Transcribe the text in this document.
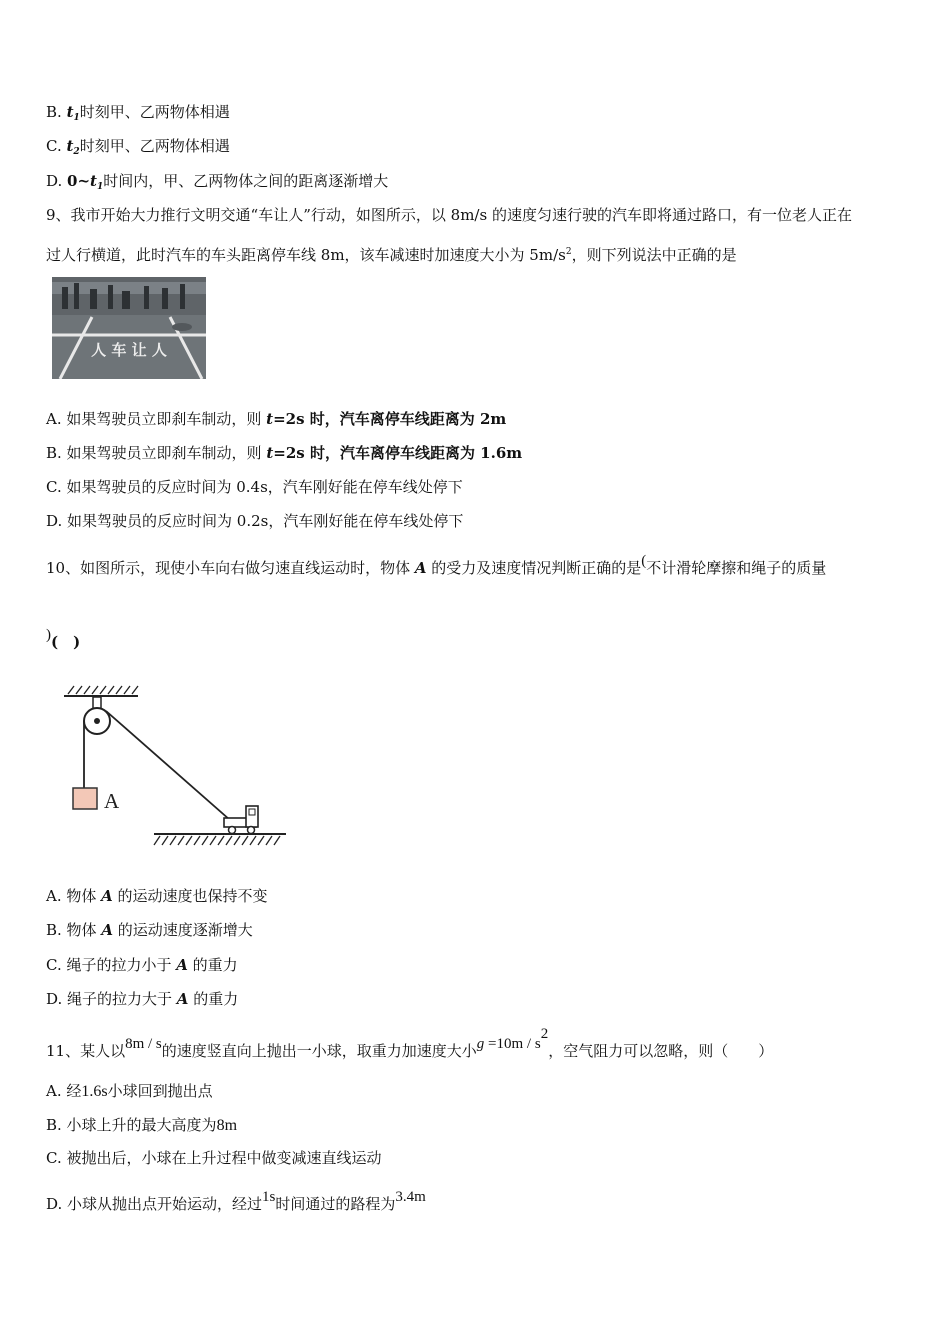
B. $t_1$时刻甲、乙两物体相遇
C. $t_2$时刻甲、乙两物体相遇
D. $0\sim t_1$时间内，甲、乙两物体之间的距离逐渐增大
9、我市开始大力推行文明交通“车让人”行动，如图所示，以 8m/s 的速度匀速行驶的汽车即将通过路口，有一位老人正在
过人行横道，此时汽车的车头距离停车线 8m，该车减速时加速度大小为 $5m/s^2$，则下列说法中正确的是
人 车 让 人
A. 如果驾驶员立即刹车制动，则 t=2s 时，汽车离停车线距离为 2m
B. 如果驾驶员立即刹车制动，则 t=2s 时，汽车离停车线距离为 1.6m
C. 如果驾驶员的反应时间为 0.4s，汽车刚好能在停车线处停下
D. 如果驾驶员的反应时间为 0.2s，汽车刚好能在停车线处停下
10、如图所示，现使小车向右做匀速直线运动时，物体 A 的受力及速度情况判断正确的是(不计滑轮摩擦和绳子的质量
)(　)
A
A. 物体 A 的运动速度也保持不变
B. 物体 A 的运动速度逐渐增大
C. 绳子的拉力小于 A 的重力
D. 绳子的拉力大于 A 的重力
11、某人以8m / s的速度竖直向上抛出一小球，取重力加速度大小g =10m / s2，空气阻力可以忽略，则（　　）
A. 经1.6s小球回到抛出点
B. 小球上升的最大高度为8m
C. 被抛出后，小球在上升过程中做变减速直线运动
D. 小球从抛出点开始运动，经过1s时间通过的路程为3.4m
